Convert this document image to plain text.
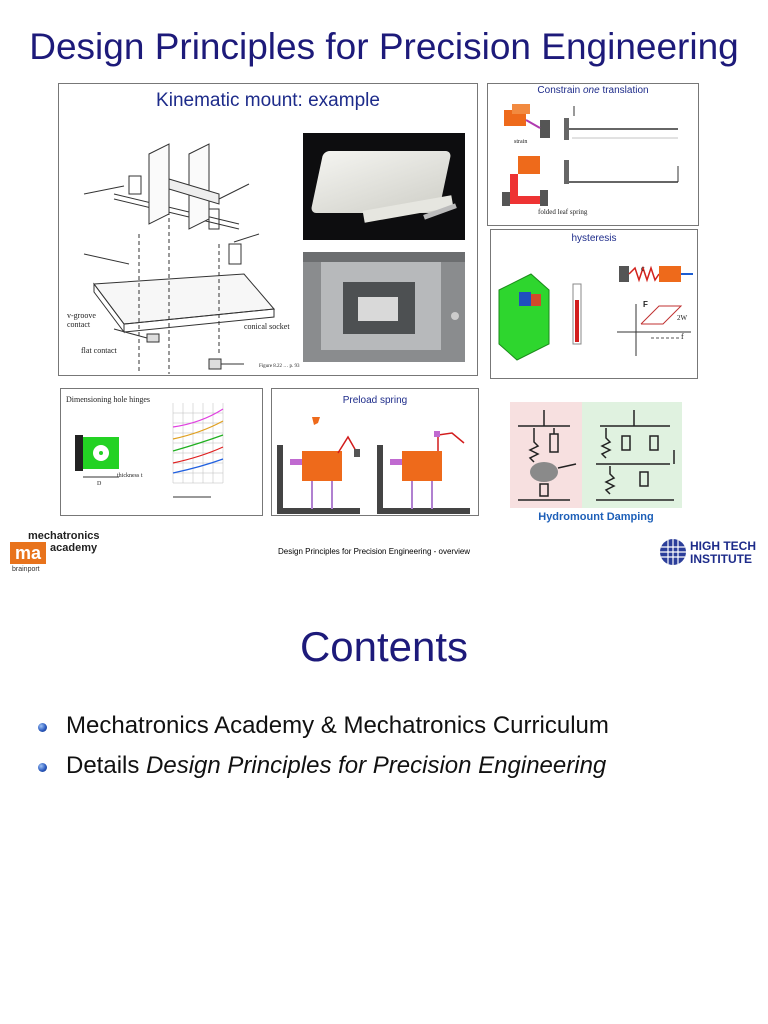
Design Principles for Precision Engineering
Kinematic mount: example
v-groove contact	conical socket
flat contact
Figure 8.22 … p. 93
Constrain one translation
strain
folded leaf spring
hysteresis
F
2W
f
c
Dimensioning hole hinges
thickness t
D
Preload spring
Hydromount Damping
mechatronics
ma academy
brainport
Design Principles for Precision Engineering - overview	HIGH TECH
INSTITUTE
Contents
Mechatronics Academy & Mechatronics Curriculum
Details Design Principles for Precision Engineering
